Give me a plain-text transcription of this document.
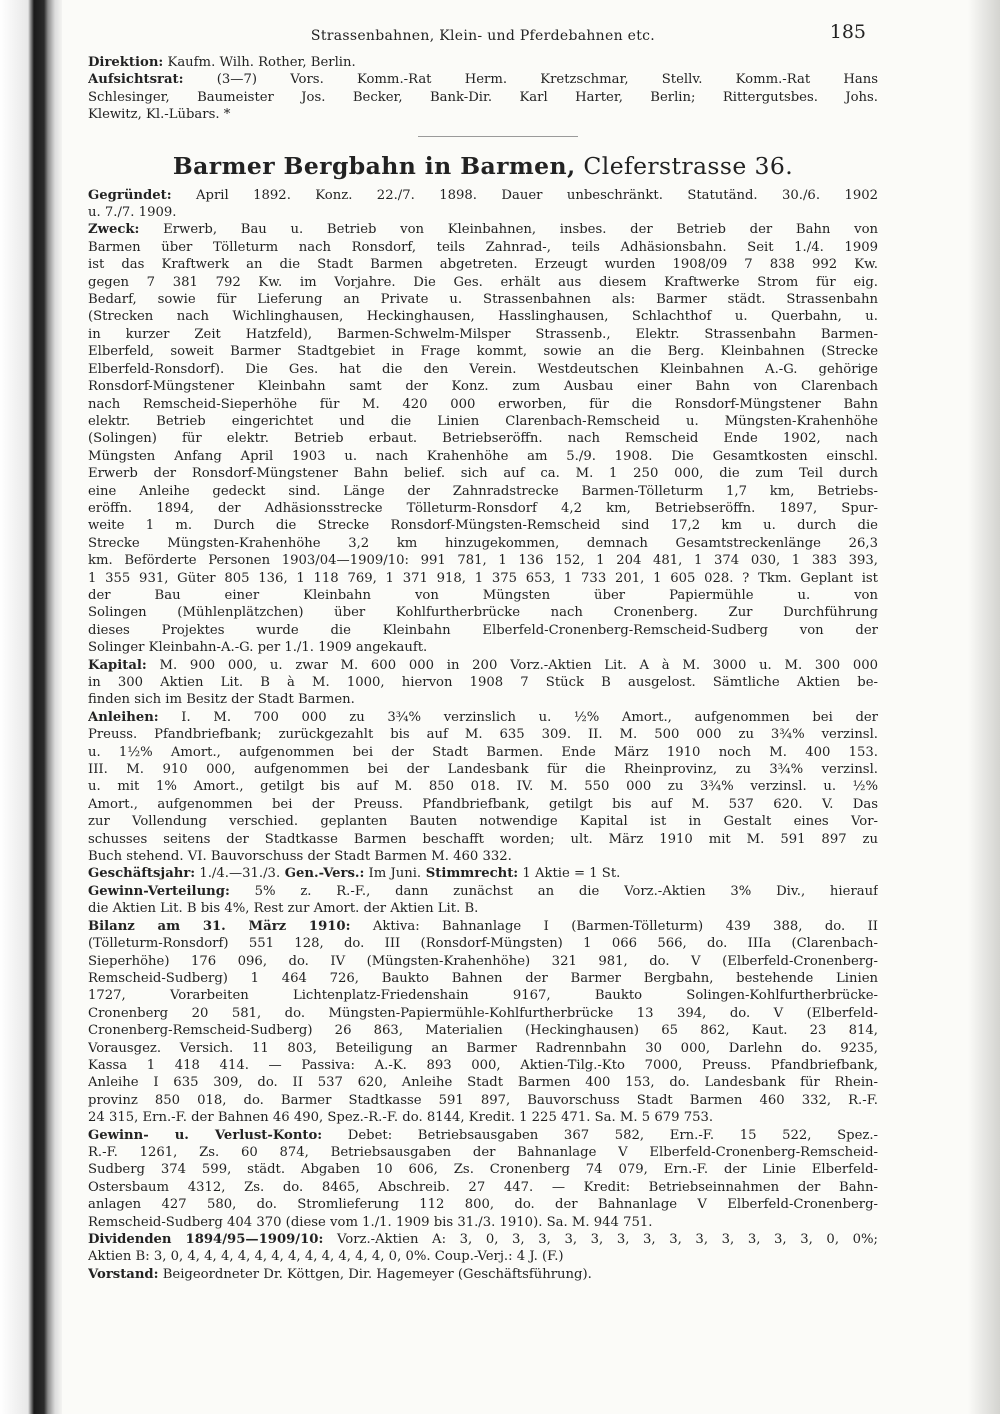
Strassenbahnen, Klein- und Pferdebahnen etc.	185

Direktion: Kaufm. Wilh. Rother, Berlin.

Aufsichtsrat: (3—7) Vors. Komm.-Rat Herm. Kretzschmar, Stellv. Komm.-Rat Hans

Schlesinger, Baumeister Jos. Becker, Bank-Dir. Karl Harter, Berlin; Rittergutsbes. Johs.

Klewitz, Kl.-Lübars. *

Barmer Bergbahn in Barmen, Cleferstrasse 36.

Gegründet: April 1892. Konz. 22./7. 1898. Dauer unbeschränkt. Statutänd. 30./6. 1902

u. 7./7. 1909.

Zweck: Erwerb, Bau u. Betrieb von Kleinbahnen, insbes. der Betrieb der Bahn von

Barmen über Tölleturm nach Ronsdorf, teils Zahnrad-, teils Adhäsionsbahn. Seit 1./4. 1909

ist das Kraftwerk an die Stadt Barmen abgetreten. Erzeugt wurden 1908/09 7 838 992 Kw.

gegen 7 381 792 Kw. im Vorjahre. Die Ges. erhält aus diesem Kraftwerke Strom für eig.

Bedarf, sowie für Lieferung an Private u. Strassenbahnen als: Barmer städt. Strassenbahn

(Strecken nach Wichlinghausen, Heckinghausen, Hasslinghausen, Schlachthof u. Querbahn, u.

in kurzer Zeit Hatzfeld), Barmen-Schwelm-Milsper Strassenb., Elektr. Strassenbahn Barmen-

Elberfeld, soweit Barmer Stadtgebiet in Frage kommt, sowie an die Berg. Kleinbahnen (Strecke

Elberfeld-Ronsdorf). Die Ges. hat die den Verein. Westdeutschen Kleinbahnen A.-G. gehörige

Ronsdorf-Müngstener Kleinbahn samt der Konz. zum Ausbau einer Bahn von Clarenbach

nach Remscheid-Sieperhöhe für M. 420 000 erworben, für die Ronsdorf-Müngstener Bahn

elektr. Betrieb eingerichtet und die Linien Clarenbach-Remscheid u. Müngsten-Krahenhöhe

(Solingen) für elektr. Betrieb erbaut. Betriebseröffn. nach Remscheid Ende 1902, nach

Müngsten Anfang April 1903 u. nach Krahenhöhe am 5./9. 1908. Die Gesamtkosten einschl.

Erwerb der Ronsdorf-Müngstener Bahn belief. sich auf ca. M. 1 250 000, die zum Teil durch

eine Anleihe gedeckt sind. Länge der Zahnradstrecke Barmen-Tölleturm 1,7 km, Betriebs-

eröffn. 1894, der Adhäsionsstrecke Tölleturm-Ronsdorf 4,2 km, Betriebseröffn. 1897, Spur-

weite 1 m. Durch die Strecke Ronsdorf-Müngsten-Remscheid sind 17,2 km u. durch die

Strecke Müngsten-Krahenhöhe 3,2 km hinzugekommen, demnach Gesamtstreckenlänge 26,3

km. Beförderte Personen 1903/04—1909/10: 991 781, 1 136 152, 1 204 481, 1 374 030, 1 383 393,

1 355 931, Güter 805 136, 1 118 769, 1 371 918, 1 375 653, 1 733 201, 1 605 028. ? Tkm. Geplant ist

der Bau einer Kleinbahn von Müngsten über Papiermühle u. von

Solingen (Mühlenplätzchen) über Kohlfurtherbrücke nach Cronenberg. Zur Durchführung

dieses Projektes wurde die Kleinbahn Elberfeld-Cronenberg-Remscheid-Sudberg von der

Solinger Kleinbahn-A.-G. per 1./1. 1909 angekauft.

Kapital: M. 900 000, u. zwar M. 600 000 in 200 Vorz.-Aktien Lit. A à M. 3000 u. M. 300 000

in 300 Aktien Lit. B à M. 1000, hiervon 1908 7 Stück B ausgelost. Sämtliche Aktien be-

finden sich im Besitz der Stadt Barmen.

Anleihen: I. M. 700 000 zu 3¾% verzinslich u. ½% Amort., aufgenommen bei der

Preuss. Pfandbriefbank; zurückgezahlt bis auf M. 635 309. II. M. 500 000 zu 3¾% verzinsl.

u. 1½% Amort., aufgenommen bei der Stadt Barmen. Ende März 1910 noch M. 400 153.

III. M. 910 000, aufgenommen bei der Landesbank für die Rheinprovinz, zu 3¾% verzinsl.

u. mit 1% Amort., getilgt bis auf M. 850 018. IV. M. 550 000 zu 3¾% verzinsl. u. ½%

Amort., aufgenommen bei der Preuss. Pfandbriefbank, getilgt bis auf M. 537 620. V. Das

zur Vollendung verschied. geplanten Bauten notwendige Kapital ist in Gestalt eines Vor-

schusses seitens der Stadtkasse Barmen beschafft worden; ult. März 1910 mit M. 591 897 zu

Buch stehend. VI. Bauvorschuss der Stadt Barmen M. 460 332.

Geschäftsjahr: 1./4.—31./3. Gen.-Vers.: Im Juni. Stimmrecht: 1 Aktie = 1 St.

Gewinn-Verteilung: 5% z. R.-F., dann zunächst an die Vorz.-Aktien 3% Div., hierauf

die Aktien Lit. B bis 4%, Rest zur Amort. der Aktien Lit. B.

Bilanz am 31. März 1910: Aktiva: Bahnanlage I (Barmen-Tölleturm) 439 388, do. II

(Tölleturm-Ronsdorf) 551 128, do. III (Ronsdorf-Müngsten) 1 066 566, do. IIIa (Clarenbach-

Sieperhöhe) 176 096, do. IV (Müngsten-Krahenhöhe) 321 981, do. V (Elberfeld-Cronenberg-

Remscheid-Sudberg) 1 464 726, Baukto Bahnen der Barmer Bergbahn, bestehende Linien

1727, Vorarbeiten Lichtenplatz-Friedenshain 9167, Baukto Solingen-Kohlfurtherbrücke-

Cronenberg 20 581, do. Müngsten-Papiermühle-Kohlfurtherbrücke 13 394, do. V (Elberfeld-

Cronenberg-Remscheid-Sudberg) 26 863, Materialien (Heckinghausen) 65 862, Kaut. 23 814,

Vorausgez. Versich. 11 803, Beteiligung an Barmer Radrennbahn 30 000, Darlehn do. 9235,

Kassa 1 418 414. — Passiva: A.-K. 893 000, Aktien-Tilg.-Kto 7000, Preuss. Pfandbriefbank,

Anleihe I 635 309, do. II 537 620, Anleihe Stadt Barmen 400 153, do. Landesbank für Rhein-

provinz 850 018, do. Barmer Stadtkasse 591 897, Bauvorschuss Stadt Barmen 460 332, R.-F.

24 315, Ern.-F. der Bahnen 46 490, Spez.-R.-F. do. 8144, Kredit. 1 225 471. Sa. M. 5 679 753.

Gewinn- u. Verlust-Konto: Debet: Betriebsausgaben 367 582, Ern.-F. 15 522, Spez.-

R.-F. 1261, Zs. 60 874, Betriebsausgaben der Bahnanlage V Elberfeld-Cronenberg-Remscheid-

Sudberg 374 599, städt. Abgaben 10 606, Zs. Cronenberg 74 079, Ern.-F. der Linie Elberfeld-

Ostersbaum 4312, Zs. do. 8465, Abschreib. 27 447. — Kredit: Betriebseinnahmen der Bahn-

anlagen 427 580, do. Stromlieferung 112 800, do. der Bahnanlage V Elberfeld-Cronenberg-

Remscheid-Sudberg 404 370 (diese vom 1./1. 1909 bis 31./3. 1910). Sa. M. 944 751.

Dividenden 1894/95—1909/10: Vorz.-Aktien A: 3, 0, 3, 3, 3, 3, 3, 3, 3, 3, 3, 3, 3, 3, 0, 0%;

Aktien B: 3, 0, 4, 4, 4, 4, 4, 4, 4, 4, 4, 4, 4, 4, 0, 0%. Coup.-Verj.: 4 J. (F.)

Vorstand: Beigeordneter Dr. Köttgen, Dir. Hagemeyer (Geschäftsführung).
